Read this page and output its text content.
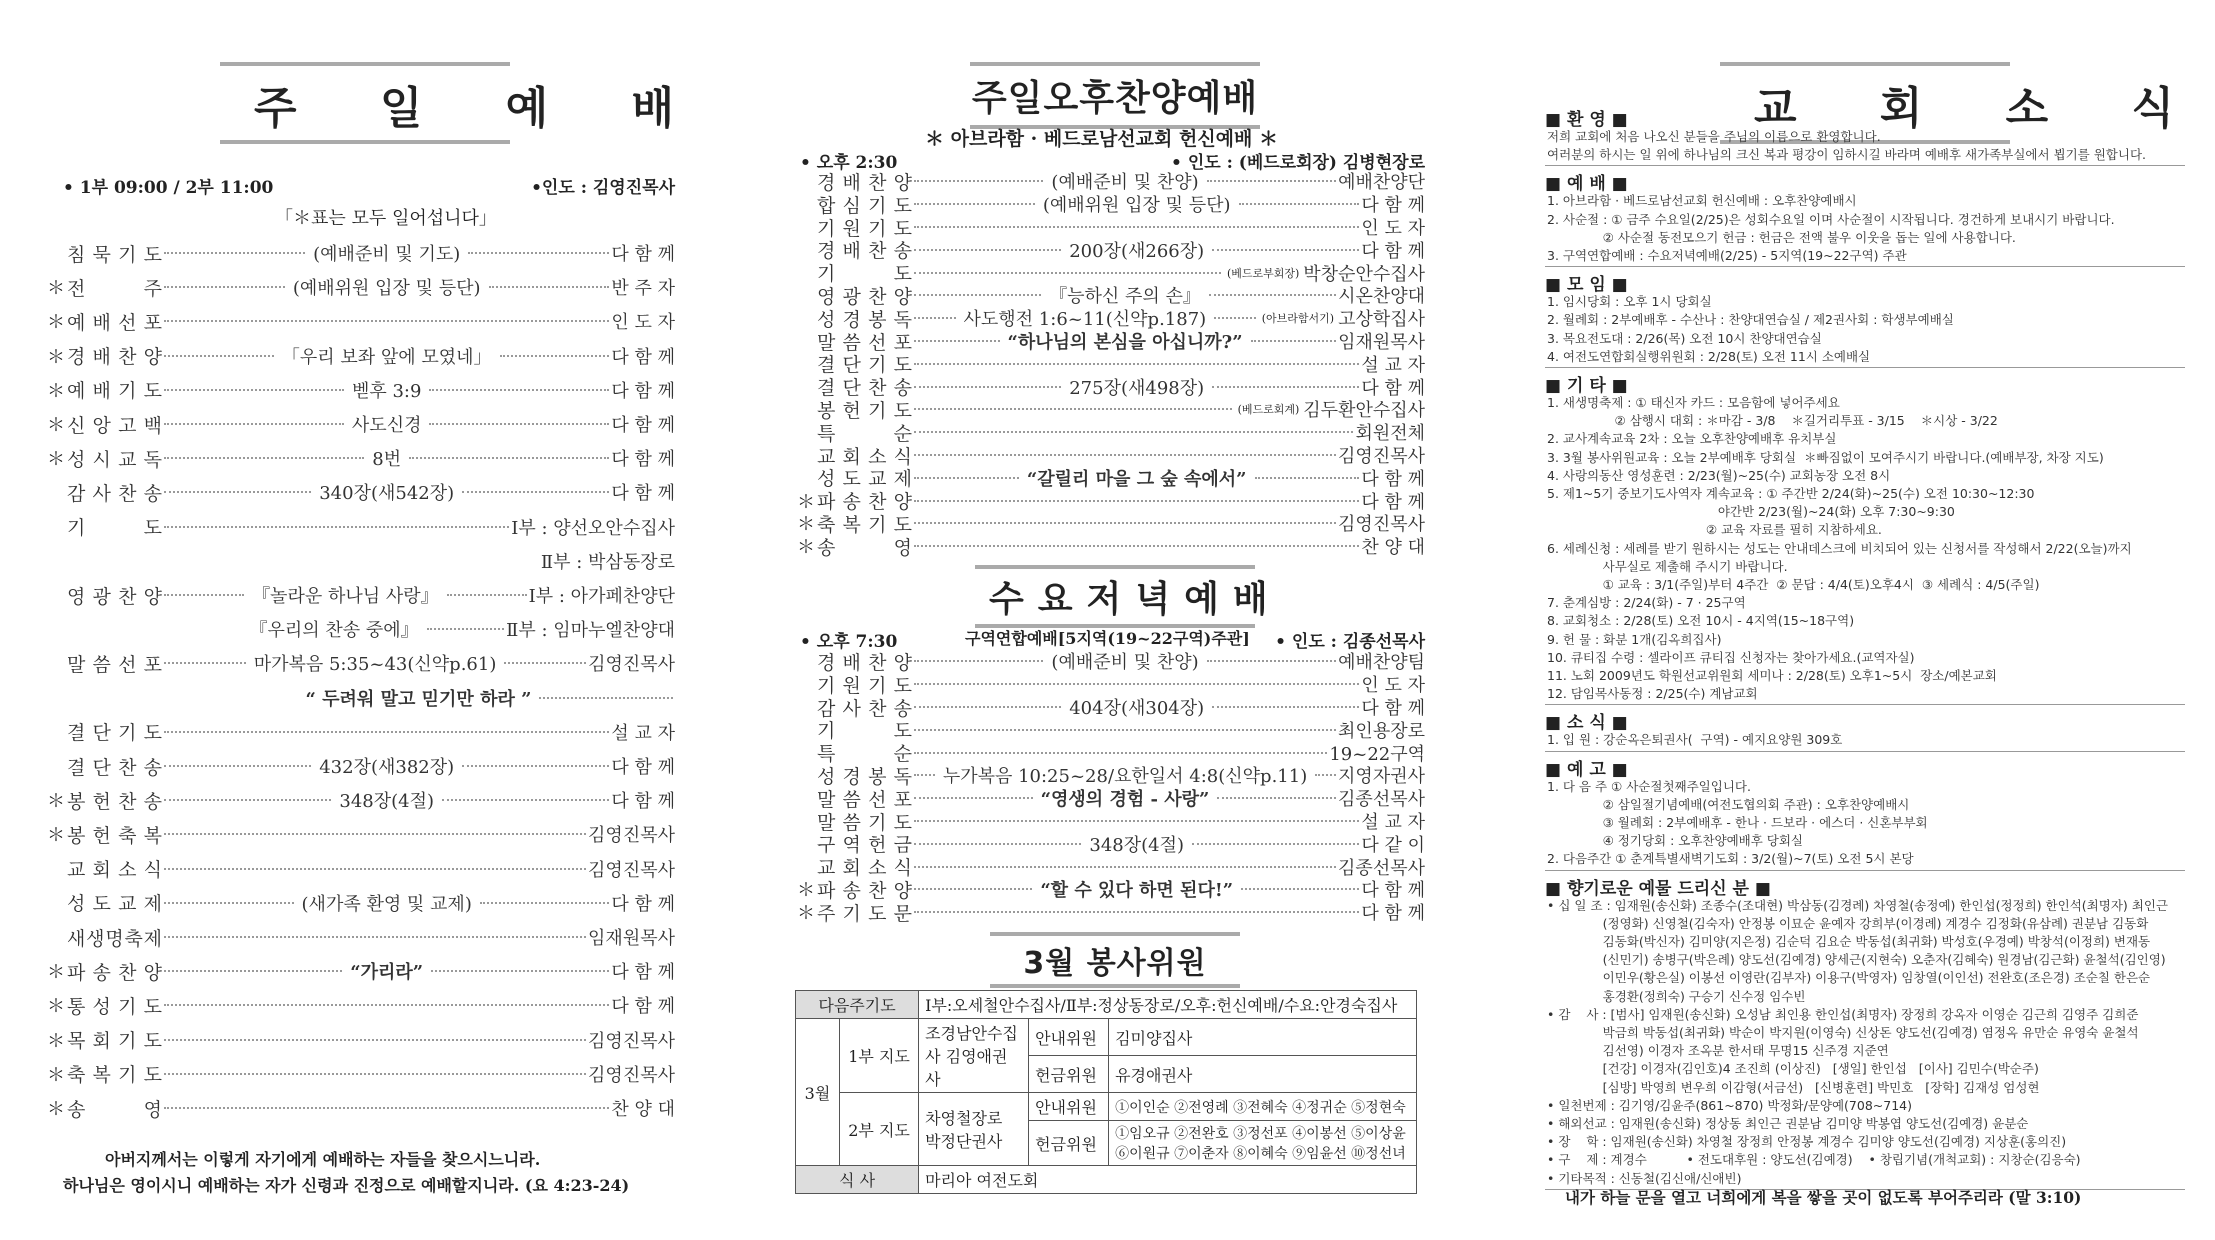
주 일 예 배
• 1부 09:00 / 2부 11:00	•인도 : 김영진목사
「＊표는 모두 일어섭니다」
침 묵 기 도	(예배준비 및 기도)	다 함 께
＊ 전	주	(예배위원 입장 및 등단)	반 주 자
＊ 예 배 선 포	인 도 자
＊ 경 배 찬 양	「우리 보좌 앞에 모였네」	다 함 께
＊ 예 배 기 도	벧후 3:9	다 함 께
＊ 신 앙 고 백	사도신경	다 함 께
＊ 성 시 교 독	8번	다 함 께
감 사 찬 송	340장(새542장)	다 함 께
기	도	Ⅰ부 : 양선오안수집사
Ⅱ부 : 박삼동장로
영 광 찬 양	『놀라운 하나님 사랑』	Ⅰ부 : 아가페찬양단
『우리의 찬송 중에』	Ⅱ부 : 임마누엘찬양대
말 씀 선 포	마가복음 5:35~43(신약p.61)	김영진목사
“ 두려워 말고 믿기만 하라 ”
결 단 기 도	설 교 자
결 단 찬 송	432장(새382장)	다 함 께
＊ 봉 헌 찬 송	348장(4절)	다 함 께
＊ 봉 헌 축 복	김영진목사
교 회 소 식	김영진목사
성 도 교 제	(새가족 환영 및 교제)	다 함 께
새 생 명 축 제	임재원목사
＊ 파 송 찬 양	“가리라”	다 함 께
＊ 통 성 기 도	다 함 께
＊ 목 회 기 도	김영진목사
＊ 축 복 기 도	김영진목사
＊ 송	영	찬 양 대
아버지께서는 이렇게 자기에게 예배하는 자들을 찾으시느니라.
하나님은 영이시니 예배하는 자가 신령과 진정으로 예배할지니라. (요 4:23-24)
주일오후찬양예배
＊ 아브라함 · 베드로남선교회 헌신예배 ＊
• 오후 2:30	• 인도 : (베드로회장) 김병현장로
경 배 찬 양	(예배준비 및 찬양)	예배찬양단
합 심 기 도	(예배위원 입장 및 등단)	다 함 께
기 원 기 도	인 도 자
경 배 찬 송	200장(새266장)	다 함 께
기	도	(베드로부회장) 박창순안수집사
영 광 찬 양	『능하신 주의 손』	시온찬양대
성 경 봉 독	사도행전 1:6~11(신약p.187)	(아브라함서기) 고상학집사
말 씀 선 포	“하나님의 본심을 아십니까?”	임재원목사
결 단 기 도	설 교 자
결 단 찬 송	275장(새498장)	다 함 께
봉 헌 기 도	(베드로회계) 김두환안수집사
특	순	회원전체
교 회 소 식	김영진목사
성 도 교 제	“갈릴리 마을 그 숲 속에서”	다 함 께
＊ 파 송 찬 양	다 함 께
＊ 축 복 기 도	김영진목사
＊ 송	영	찬 양 대
수요저녁예배
• 오후 7:30	구역연합예배[5지역(19~22구역)주관] • 인도 : 김종선목사
경 배 찬 양	(예배준비 및 찬양)	예배찬양팀
기 원 기 도	인 도 자
감 사 찬 송	404장(새304장)	다 함 께
기	도	최인용장로
특	순	19~22구역
성 경 봉 독	누가복음 10:25~28/요한일서 4:8(신약p.11)	지영자권사
말 씀 선 포	“영생의 경험 - 사랑”	김종선목사
말 씀 기 도	설 교 자
구 역 헌 금	348장(4절)	다 같 이
교 회 소 식	김종선목사
＊ 파 송 찬 양	“할 수 있다 하면 된다!”	다 함 께
＊ 주 기 도 문	다 함 께
3월 봉사위원
다음주기도		Ⅰ부:오세철안수집사/Ⅱ부:정상동장로/오후:헌신예배/수요:안경숙집사		
3월	1부 지도	조경남안수집사 김영애권사	안내위원	김미양집사
			헌금위원	유경애권사
	2부 지도	차영철장로 박정단권사	안내위원	①이인순 ②전영례 ③전혜숙 ④정귀순 ⑤정현숙
			헌금위원	①임오규 ②전완호 ③정선포 ④이봉선 ⑤이상윤
⑥이원규 ⑦이춘자 ⑧이혜숙 ⑨임윤선 ⑩정선녀

식 사		마리아 여전도회		
교 회 소 식
■ 환 영 ■
저희 교회에 처음 나오신 분들을 주님의 이름으로 환영합니다.
여러분의 하시는 일 위에 하나님의 크신 복과 평강이 임하시길 바라며 예배후 새가족부실에서 뵙기를 원합니다.
■ 예 배 ■
1. 아브라함 · 베드로남선교회 헌신예배 : 오후찬양예배시
2. 사순절 : ① 금주 수요일(2/25)은 성회수요일 이며 사순절이 시작됩니다. 경건하게 보내시기 바랍니다.
② 사순절 동전모으기 헌금 : 헌금은 전액 불우 이웃을 돕는 일에 사용합니다.
3. 구역연합예배 : 수요저녁예배(2/25) - 5지역(19~22구역) 주관
■ 모 임 ■
1. 임시당회 : 오후 1시 당회실
2. 월례회 : 2부예배후 - 수산나 : 찬양대연습실 / 제2권사회 : 학생부예배실
3. 목요전도대 : 2/26(목) 오전 10시 찬양대연습실
4. 여전도연합회실행위원회 : 2/28(토) 오전 11시 소예배실
■ 기 타 ■
1. 새생명축제 : ① 태신자 카드 : 모음함에 넣어주세요
② 삼행시 대회 : ＊마감 - 3/8    ＊길거리투표 - 3/15    ＊시상 - 3/22
2. 교사계속교육 2차 : 오늘 오후찬양예배후 유치부실
3. 3월 봉사위원교육 : 오늘 2부예배후 당회실  ＊빠짐없이 모여주시기 바랍니다.(예배부장, 차장 지도)
4. 사랑의동산 영성훈련 : 2/23(월)~25(수) 교회농장 오전 8시
5. 제1~5기 중보기도사역자 계속교육 : ① 주간반 2/24(화)~25(수) 오전 10:30~12:30
야간반 2/23(월)~24(화) 오후 7:30~9:30
② 교육 자료를 필히 지참하세요.
6. 세례신청 : 세례를 받기 원하시는 성도는 안내데스크에 비치되어 있는 신청서를 작성해서 2/22(오늘)까지
사무실로 제출해 주시기 바랍니다.
① 교육 : 3/1(주일)부터 4주간  ② 문답 : 4/4(토)오후4시  ③ 세례식 : 4/5(주일)
7. 춘계심방 : 2/24(화) - 7 · 25구역
8. 교회청소 : 2/28(토) 오전 10시 - 4지역(15~18구역)
9. 헌 물 : 화분 1개(김옥희집사)
10. 큐티집 수령 : 셀라이프 큐티집 신청자는 찾아가세요.(교역자실)
11. 노회 2009년도 학원선교위원회 세미나 : 2/28(토) 오후1~5시  장소/예본교회
12. 담임목사동정 : 2/25(수) 계남교회
■ 소 식 ■
1. 입 원 : 강순옥은퇴권사(  구역) - 예지요양원 309호
■ 예 고 ■
1. 다 음 주 ① 사순절첫째주일입니다.
② 삼일절기념예배(여전도협의회 주관) : 오후찬양예배시
③ 월례회 : 2부예배후 - 한나 · 드보라 · 에스더 · 신혼부부회
④ 정기당회 : 오후찬양예배후 당회실
2. 다음주간 ① 춘계특별새벽기도회 : 3/2(월)~7(토) 오전 5시 본당
■ 향기로운 예물 드리신 분 ■
• 십 일 조 : 임재원(송신화) 조종수(조대현) 박삼동(김경례) 차영철(송정예) 한인섭(정정희) 한인석(최명자) 최인근
(정영화) 신영철(김숙자) 안정봉 이묘순 윤예자 강희부(이경례) 계경수 김정화(유삼례) 권분남 김동화
김동화(박신자) 김미양(지은정) 김순덕 김요순 박동섭(최귀화) 박성호(우경예) 박창석(이정희) 변재동
(신민기) 송병구(박은례) 양도선(김예경) 양세근(지현숙) 오춘자(김혜숙) 원경남(김근화) 윤철석(김인영)
이민우(황은실) 이봉선 이영란(김부자) 이용구(박영자) 임창열(이인선) 전완호(조은경) 조순칠 한은순
홍경환(정희숙) 구승기 신수정 임수빈
• 감    사 : [범사] 임재원(송신화) 오성남 최인용 한인섭(최명자) 장정희 강옥자 이영순 김근희 김영주 김희준
박금희 박동섭(최귀화) 박순이 박지원(이영숙) 신상돈 양도선(김예경) 염정옥 유만순 유영숙 윤철석
김선영) 이경자 조옥분 한서태 무명15 신주경 지준연
[건강] 이경자(김인호)4 조진희 (이상진)   [생일] 한인섭   [이사] 김민수(박순주)
[심방] 박영희 변우희 이감형(서금선)   [신병훈련] 박민호   [장학] 김재성 엄성현
• 일천번제 : 김기영/김윤주(861~870) 박정화/문양예(708~714)
• 해외선교 : 임재원(송신화) 정상동 최인근 권분남 김미양 박봉엽 양도선(김예경) 윤분순
• 장    학 : 임재원(송신화) 차영철 장정희 안정봉 계경수 김미양 양도선(김예경) 지상훈(홍의진)
• 구    제 : 계경수          • 전도대후원 : 양도선(김예경)    • 창립기념(개척교회) : 지창순(김응숙)
• 기타목적 : 신동철(김신애/신애빈)
내가 하늘 문을 열고 너희에게 복을 쌓을 곳이 없도록 부어주리라 (말 3:10)
